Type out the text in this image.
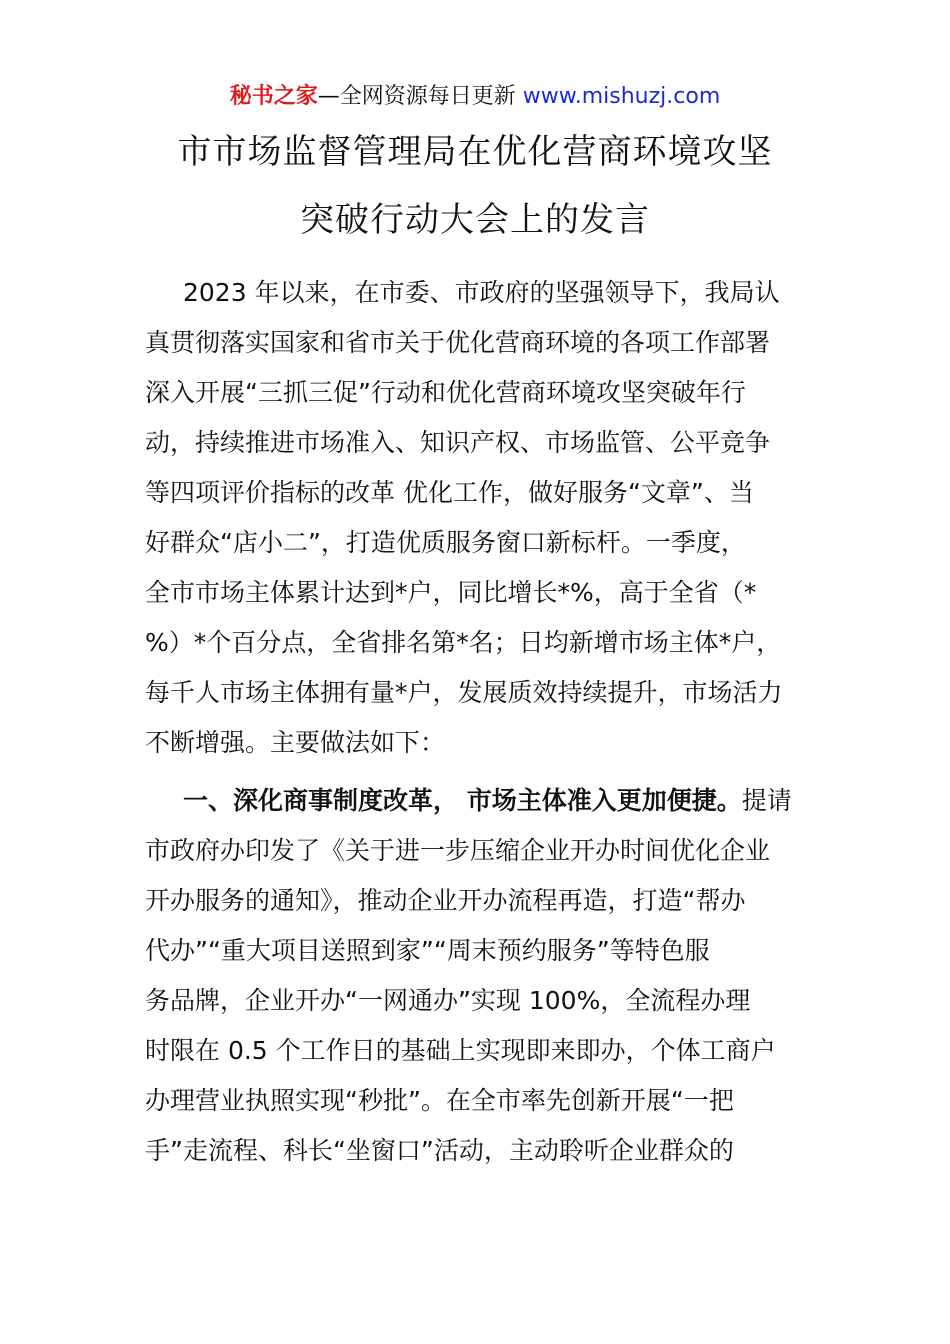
秘书之家—全网资源每日更新 www.mishuzj.com
市市场监督管理局在优化营商环境攻坚
突破行动大会上的发言
2023 年以来，在市委、市政府的坚强领导下，我局认
真贯彻落实国家和省市关于优化营商环境的各项工作部署
深入开展“三抓三促”行动和优化营商环境攻坚突破年行
动，持续推进市场准入、知识产权、市场监管、公平竞争
等四项评价指标的改革 优化工作，做好服务“文章”、当
好群众“店小二”，打造优质服务窗口新标杆。一季度，
全市市场主体累计达到*户，同比增长*%，高于全省（*
%）*个百分点，全省排名第*名；日均新增市场主体*户，
每千人市场主体拥有量*户，发展质效持续提升，市场活力
不断增强。主要做法如下：
一、深化商事制度改革， 市场主体准入更加便捷。提请
市政府办印发了《关于进一步压缩企业开办时间优化企业
开办服务的通知》，推动企业开办流程再造，打造“帮办
代办”“重大项目送照到家”“周末预约服务”等特色服
务品牌，企业开办“一网通办”实现 100%，全流程办理
时限在 0.5 个工作日的基础上实现即来即办，个体工商户
办理营业执照实现“秒批”。在全市率先创新开展“一把
手”走流程、科长“坐窗口”活动，主动聆听企业群众的
